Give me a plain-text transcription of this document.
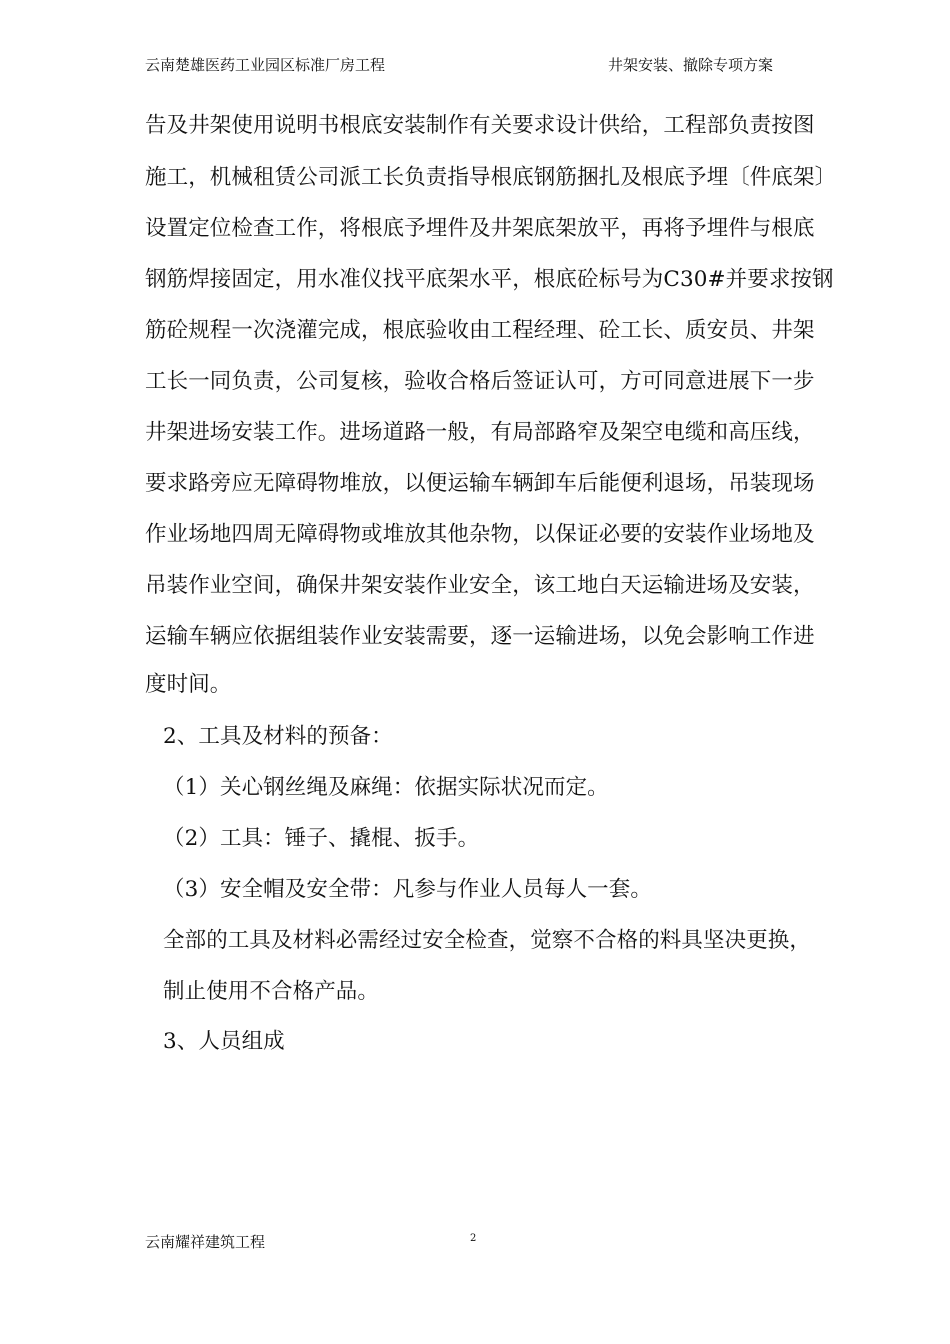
云南楚雄医药工业园区标准厂房工程	井架安装、撤除专项方案
告及井架使用说明书根底安装制作有关要求设计供给，工程部负责按图
施工，机械租赁公司派工长负责指导根底钢筋捆扎及根底予埋〔件底架〕
设置定位检查工作，将根底予埋件及井架底架放平，再将予埋件与根底
钢筋焊接固定，用水准仪找平底架水平，根底砼标号为C30#并要求按钢
筋砼规程一次浇灌完成，根底验收由工程经理、砼工长、质安员、井架
工长一同负责，公司复核，验收合格后签证认可，方可同意进展下一步
井架进场安装工作。进场道路一般，有局部路窄及架空电缆和高压线，
要求路旁应无障碍物堆放，以便运输车辆卸车后能便利退场，吊装现场
作业场地四周无障碍物或堆放其他杂物，以保证必要的安装作业场地及
吊装作业空间，确保井架安装作业安全，该工地白天运输进场及安装，
运输车辆应依据组装作业安装需要，逐一运输进场，以免会影响工作进
度时间。
2、工具及材料的预备：
（1）关心钢丝绳及麻绳：依据实际状况而定。
（2）工具：锤子、撬棍、扳手。
（3）安全帽及安全带：凡参与作业人员每人一套。
全部的工具及材料必需经过安全检查，觉察不合格的料具坚决更换，
制止使用不合格产品。
3、人员组成
云南耀祥建筑工程	2
